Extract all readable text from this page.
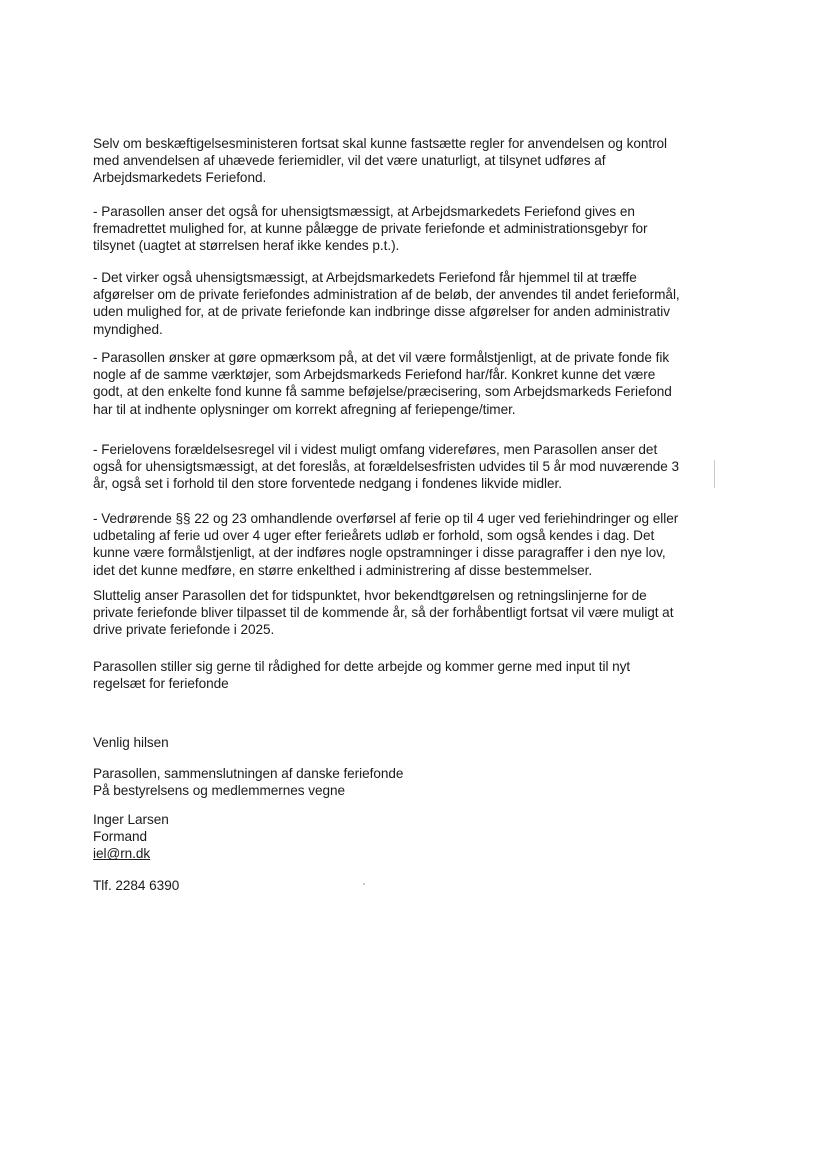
Selv om beskæftigelsesministeren fortsat skal kunne fastsætte regler for anvendelsen og kontrol
med anvendelsen af uhævede feriemidler, vil det være unaturligt, at tilsynet udføres af
Arbejdsmarkedets Feriefond.
- Parasollen anser det også for uhensigtsmæssigt, at Arbejdsmarkedets Feriefond gives en
fremadrettet mulighed for, at kunne pålægge de private feriefonde et administrationsgebyr for
tilsynet (uagtet at størrelsen heraf ikke kendes p.t.).
- Det virker også uhensigtsmæssigt, at Arbejdsmarkedets Feriefond får hjemmel til at træffe
afgørelser om de private feriefondes administration af de beløb, der anvendes til andet ferieformål,
uden mulighed for, at de private feriefonde kan indbringe disse afgørelser for anden administrativ
myndighed.
- Parasollen ønsker at gøre opmærksom på, at det vil være formålstjenligt, at de private fonde fik
nogle af de samme værktøjer, som Arbejdsmarkeds Feriefond har/får. Konkret kunne det være
godt, at den enkelte fond kunne få samme beføjelse/præcisering, som Arbejdsmarkeds Feriefond
har til at indhente oplysninger om korrekt afregning af feriepenge/timer.
- Ferielovens forældelsesregel vil i videst muligt omfang videreføres, men Parasollen anser det
også for uhensigtsmæssigt, at det foreslås, at forældelsesfristen udvides til 5 år mod nuværende 3
år, også set i forhold til den store forventede nedgang i fondenes likvide midler.
- Vedrørende §§ 22 og 23 omhandlende overførsel af ferie op til 4 uger ved feriehindringer og eller
udbetaling af ferie ud over 4 uger efter ferieårets udløb er forhold, som også kendes i dag. Det
kunne være formålstjenligt, at der indføres nogle opstramninger i disse paragraffer i den nye lov,
idet det kunne medføre, en større enkelthed i administrering af disse bestemmelser.
Sluttelig anser Parasollen det for tidspunktet, hvor bekendtgørelsen og retningslinjerne for de
private feriefonde bliver tilpasset til de kommende år, så der forhåbentligt fortsat vil være muligt at
drive private feriefonde i 2025.
Parasollen stiller sig gerne til rådighed for dette arbejde og kommer gerne med input til nyt
regelsæt for feriefonde
Venlig hilsen
Parasollen, sammenslutningen af danske feriefonde
På bestyrelsens og medlemmernes vegne
Inger Larsen
Formand
iel@rn.dk
Tlf. 2284 6390
